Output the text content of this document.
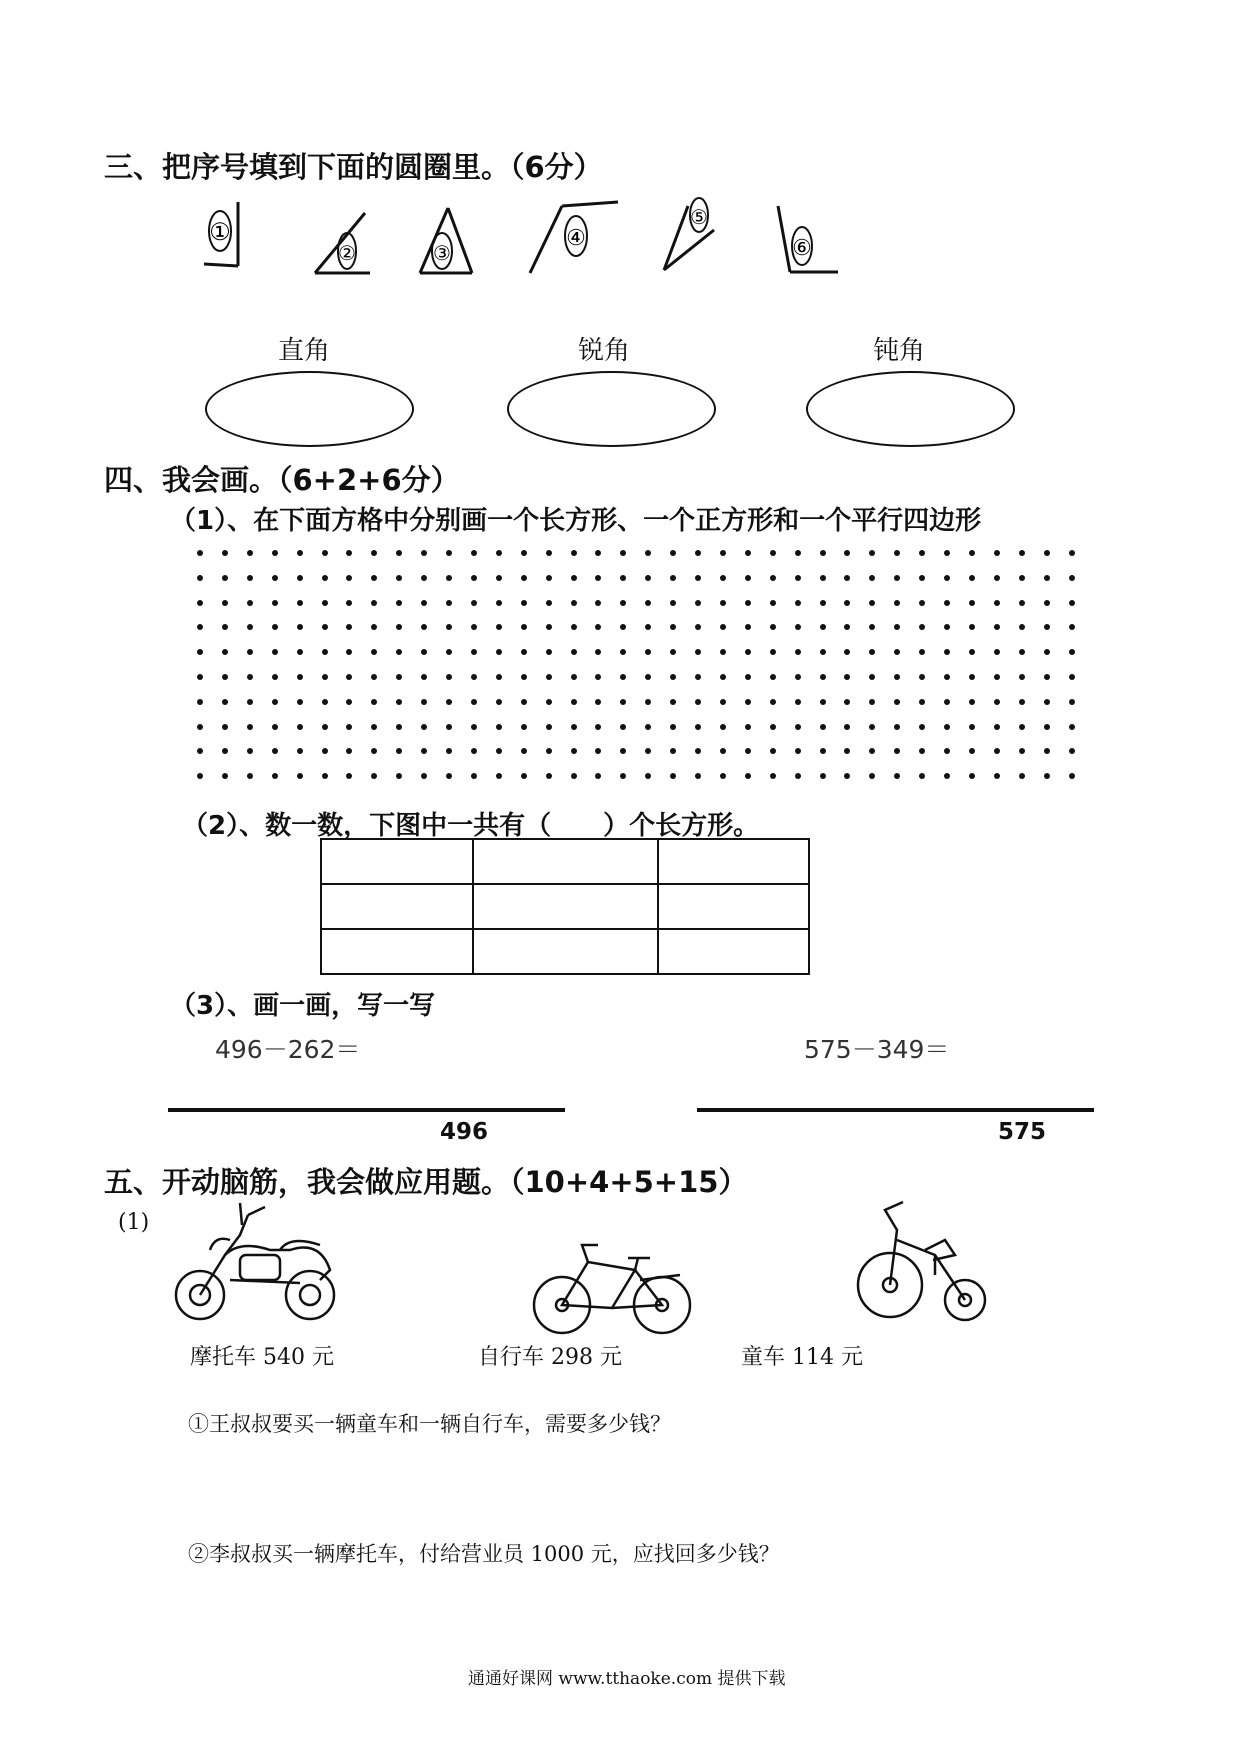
三、把序号填到下面的圆圈里。（6分）
①
②	③
④
⑤
⑥
直角	锐角	钝角
四、我会画。（6+2+6分）
（1）、在下面方格中分别画一个长方形、一个正方形和一个平行四边形
（2）、数一数，下图中一共有（　　）个长方形。

（3）、画一画，写一写
496－262＝	575－349＝
496	575
五、开动脑筋，我会做应用题。（10+4+5+15）
(1)
摩托车 540 元	自行车 298 元	童车 114 元
①王叔叔要买一辆童车和一辆自行车，需要多少钱？
②李叔叔买一辆摩托车，付给营业员 1000 元，应找回多少钱？
通通好课网 www.tthaoke.com 提供下载
